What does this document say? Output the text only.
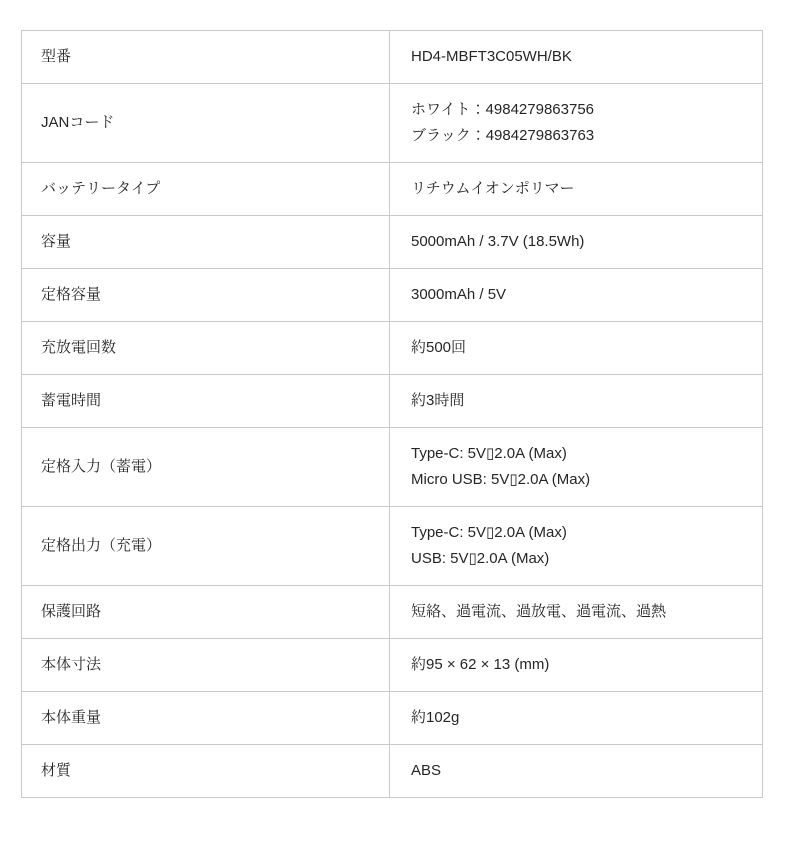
型番	HD4-MBFT3C05WH/BK

JANコード	ホワイト：4984279863756
ブラック：4984279863763

バッテリータイプ	リチウムイオンポリマー

容量	5000mAh / 3.7V (18.5Wh)

定格容量	3000mAh / 5V

充放電回数	約500回

蓄電時間	約3時間

定格入力（蓄電）	Type-C: 5V▯2.0A (Max)
Micro USB: 5V▯2.0A (Max)

定格出力（充電）	Type-C: 5V▯2.0A (Max)
USB: 5V▯2.0A (Max)

保護回路	短絡、過電流、過放電、過電流、過熱

本体寸法	約95 × 62 × 13 (mm)

本体重量	約102g

材質	ABS
